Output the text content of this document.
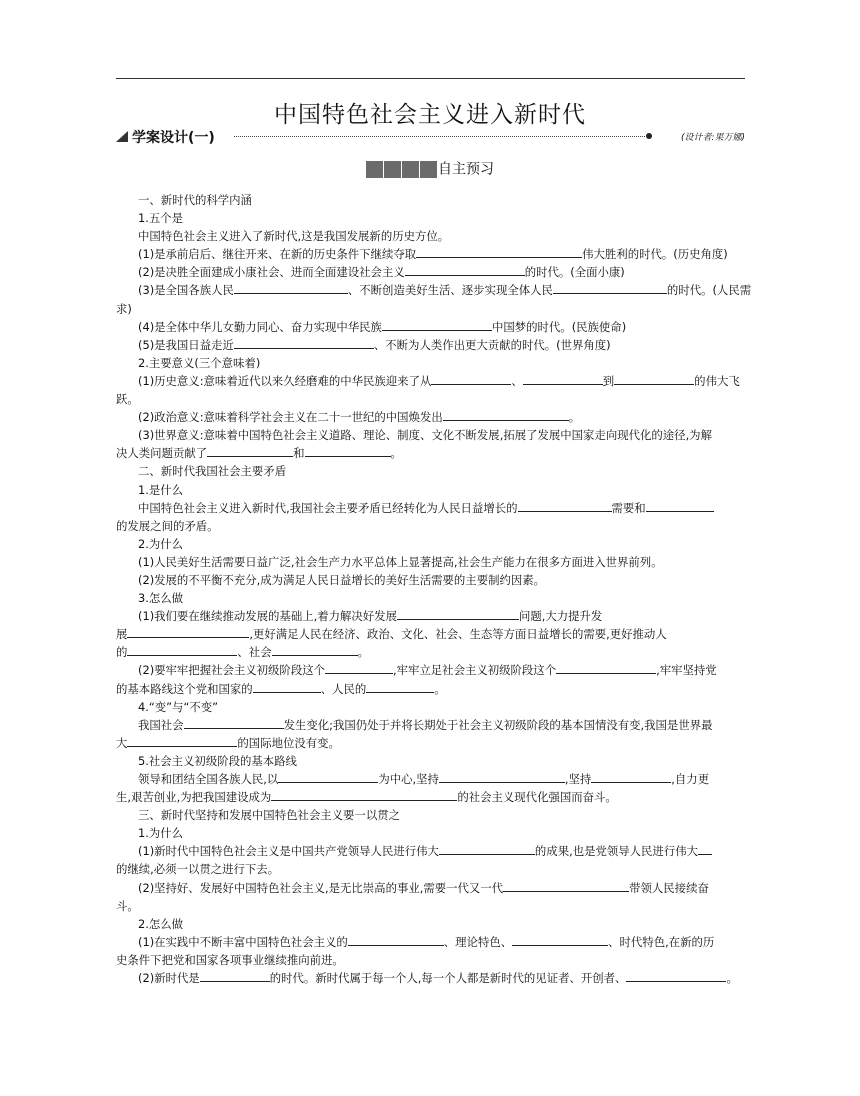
中国特色社会主义进入新时代
学案设计(一)	(设计者:果万娜)
自主预习
一、新时代的科学内涵
1.五个是
中国特色社会主义进入了新时代,这是我国发展新的历史方位。
(1)是承前启后、继往开来、在新的历史条件下继续夺取	伟大胜利的时代。(历史角度)
(2)是决胜全面建成小康社会、进而全面建设社会主义	的时代。(全面小康)
(3)是全国各族人民	、不断创造美好生活、逐步实现全体人民	的时代。(人民需
求)
(4)是全体中华儿女勤力同心、奋力实现中华民族	中国梦的时代。(民族使命)
(5)是我国日益走近	、不断为人类作出更大贡献的时代。(世界角度)
2.主要意义(三个意味着)
(1)历史意义:意味着近代以来久经磨难的中华民族迎来了从	、	到	的伟大飞
跃。
(2)政治意义:意味着科学社会主义在二十一世纪的中国焕发出	。
(3)世界意义:意味着中国特色社会主义道路、理论、制度、文化不断发展,拓展了发展中国家走向现代化的途径,为解
决人类问题贡献了	和	。
二、新时代我国社会主要矛盾
1.是什么
中国特色社会主义进入新时代,我国社会主要矛盾已经转化为人民日益增长的	需要和
的发展之间的矛盾。
2.为什么
(1)人民美好生活需要日益广泛,社会生产力水平总体上显著提高,社会生产能力在很多方面进入世界前列。
(2)发展的不平衡不充分,成为满足人民日益增长的美好生活需要的主要制约因素。
3.怎么做
(1)我们要在继续推动发展的基础上,着力解决好发展	问题,大力提升发
展	,更好满足人民在经济、政治、文化、社会、生态等方面日益增长的需要,更好推动人
的	、社会	。
(2)要牢牢把握社会主义初级阶段这个	,牢牢立足社会主义初级阶段这个	,牢牢坚持党
的基本路线这个党和国家的	、人民的	。
4.“变”与“不变”
我国社会	发生变化;我国仍处于并将长期处于社会主义初级阶段的基本国情没有变,我国是世界最
大	的国际地位没有变。
5.社会主义初级阶段的基本路线
领导和团结全国各族人民,以	为中心,坚持	,坚持	,自力更
生,艰苦创业,为把我国建设成为	的社会主义现代化强国而奋斗。
三、新时代坚持和发展中国特色社会主义要一以贯之
1.为什么
(1)新时代中国特色社会主义是中国共产党领导人民进行伟大	的成果,也是党领导人民进行伟大
的继续,必须一以贯之进行下去。
(2)坚持好、发展好中国特色社会主义,是无比崇高的事业,需要一代又一代	带领人民接续奋
斗。
2.怎么做
(1)在实践中不断丰富中国特色社会主义的	、理论特色、	、时代特色,在新的历
史条件下把党和国家各项事业继续推向前进。
(2)新时代是	的时代。新时代属于每一个人,每一个人都是新时代的见证者、开创者、	。
